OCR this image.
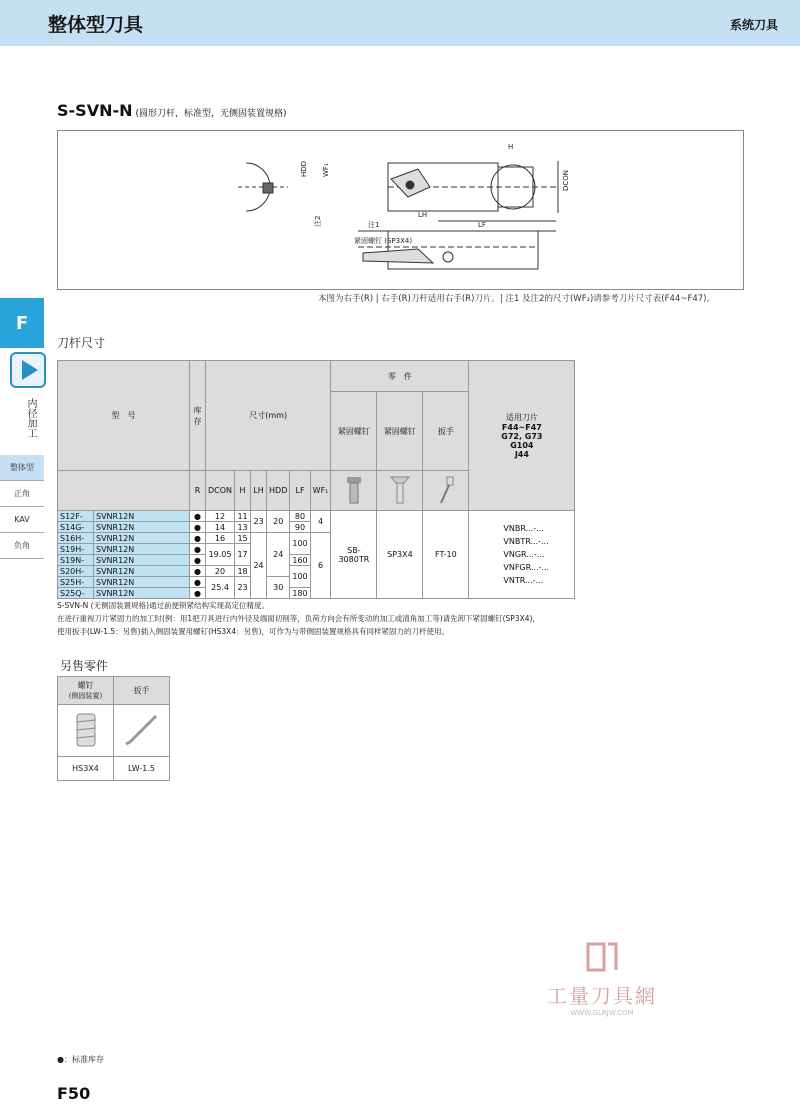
整体型刀具	系统刀具
F
内径加工
整体型
正角
KAV
负角
S-SVN-N (圆形刀杆，标准型，无侧固装置规格)
HDD WF₁
H
DCON
LH
LF
注1
注2
紧固螺钉 (SP3X4)
本图为右手(R) | 右手(R)刀杆适用右手(R)刀片。| 注1 及注2的尺寸(WF₂)请参考刀片尺寸表(F44~F47)。
刀杆尺寸
型　号		库存	尺寸(mm)						零　件			适用刀片
F44~F47
G72, G73
G104
J44

									紧固螺钉	紧固螺钉	扳手	
		R	DCON	H	LH	HDD	LF	WF₁			
S12F-	SVNR12N	●	12	11	23	20	80	4	SB-3080TR	SP3X4	FT-10	VNBR...-...
VNBTR...-...
VNGR...-...
VNFGR...-...
VNTR...-...

S14G-	SVNR12N	●	14	13			90					
S16H-	SVNR12N	●	16	15	24	24	100	6				
S19H-	SVNR12N	●	19.05	17								
S19N-	SVNR12N	●					160					
S20H-	SVNR12N	●	20	18			100					
S25H-	SVNR12N	●	25.4	23		30						
S25Q-	SVNR12N	●					180					
S-SVN-N (无侧固装置规格)通过前便锁紧结构实现高定位精度。
在进行重视刀片紧固力的加工时(例：用1把刀具进行内外径及端面切削等，负荷方向会有所变动的加工或清角加工等)请先卸下紧固螺钉(SP3X4)，
使用扳手(LW-1.5：另售)插入侧固装置用螺钉(HS3X4：另售)，可作为与带侧固装置规格具有同样紧固力的刀杆使用。
另售零件
螺钉
(侧固装置)	扳手

HS3X4	LW-1.5
工量刀具網
WWW.GLRJW.COM
●：标准库存
F50
